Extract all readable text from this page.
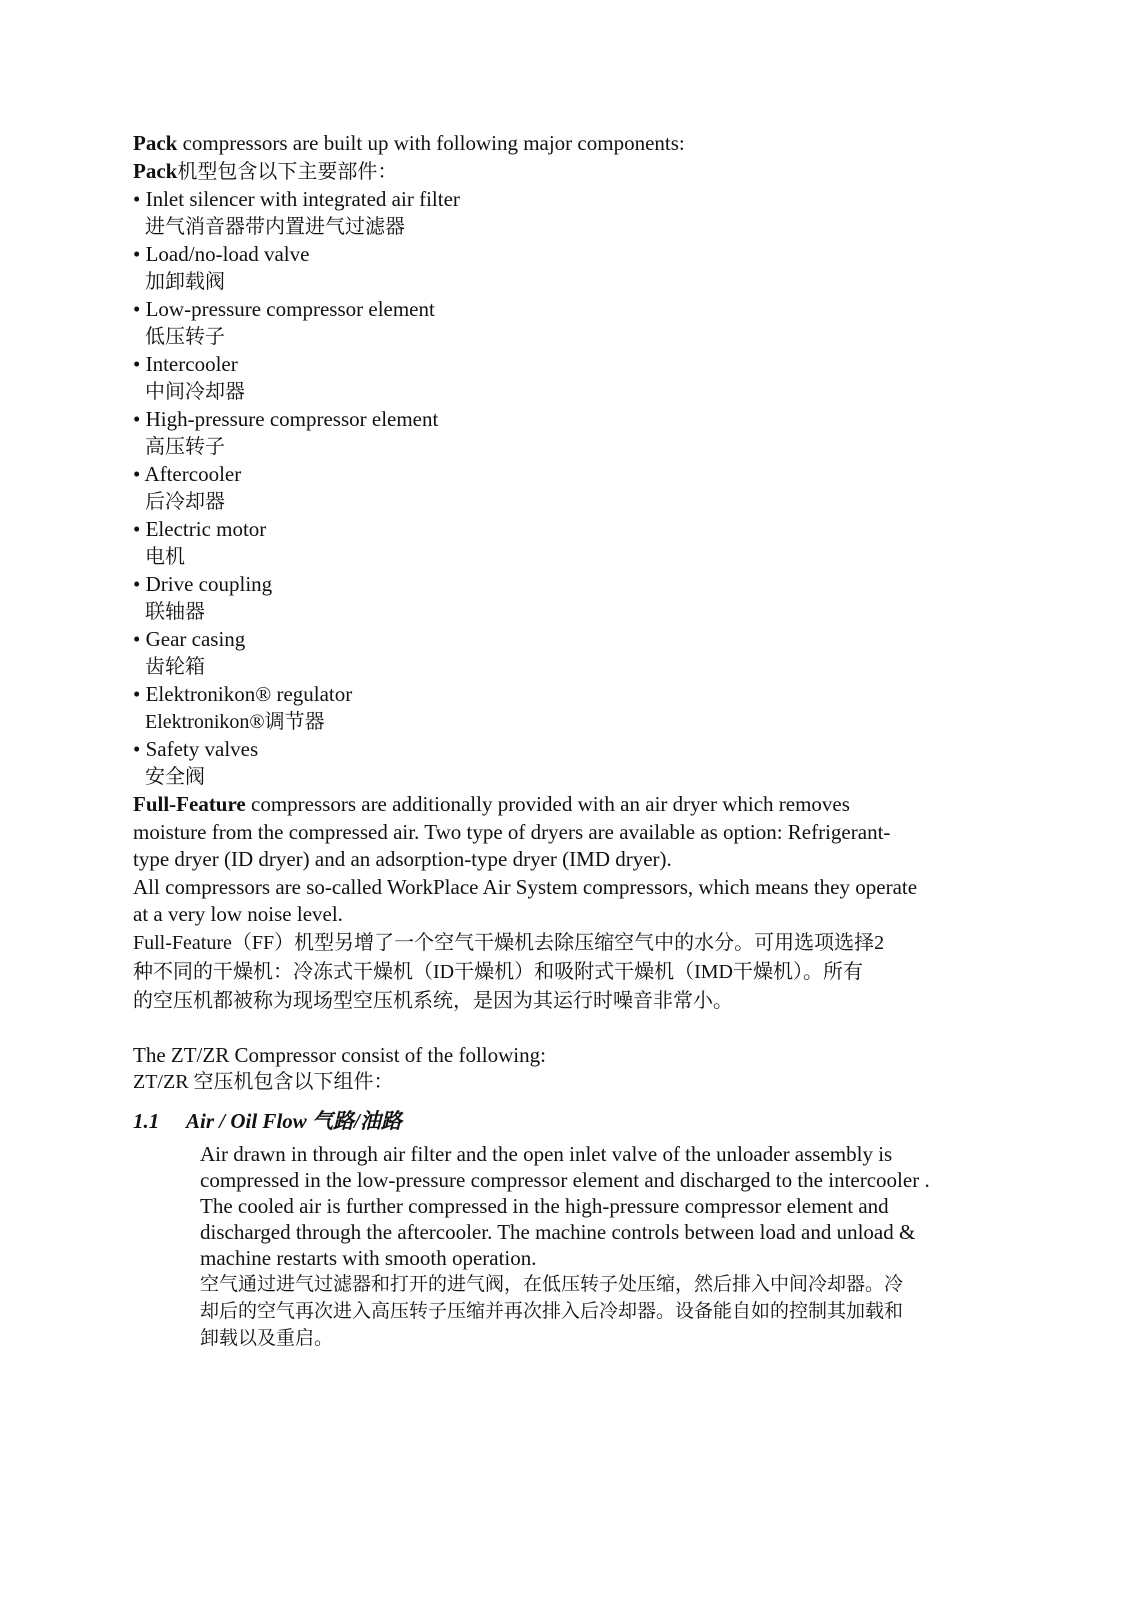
Pack compressors are built up with following major components:
Pack机型包含以下主要部件：
• Inlet silencer with integrated air filter
进气消音器带内置进气过滤器
• Load/no-load valve
加卸载阀
• Low-pressure compressor element
低压转子
• Intercooler
中间冷却器
• High-pressure compressor element
高压转子
• Aftercooler
后冷却器
• Electric motor
电机
• Drive coupling
联轴器
• Gear casing
齿轮箱
• Elektronikon® regulator
Elektronikon®调节器
• Safety valves
安全阀
Full-Feature compressors are additionally provided with an air dryer which removes
moisture from the compressed air. Two type of dryers are available as option: Refrigerant-
type dryer (ID dryer) and an adsorption-type dryer (IMD dryer).
All compressors are so-called WorkPlace Air System compressors, which means they operate
at a very low noise level.
Full-Feature（FF）机型另增了一个空气干燥机去除压缩空气中的水分。可用选项选择2
种不同的干燥机：冷冻式干燥机（ID干燥机）和吸附式干燥机（IMD干燥机）。所有
的空压机都被称为现场型空压机系统，是因为其运行时噪音非常小。
The ZT/ZR Compressor consist of the following:
ZT/ZR 空压机包含以下组件：
1.1 Air / Oil Flow 气路/油路
Air drawn in through air filter and the open inlet valve of the unloader assembly is
compressed in the low-pressure compressor element and discharged to the intercooler .
The cooled air is further compressed in the high-pressure compressor element and
discharged through the aftercooler. The machine controls between load and unload &
machine restarts with smooth operation.
空气通过进气过滤器和打开的进气阀，在低压转子处压缩，然后排入中间冷却器。冷
却后的空气再次进入高压转子压缩并再次排入后冷却器。设备能自如的控制其加载和
卸载以及重启。
